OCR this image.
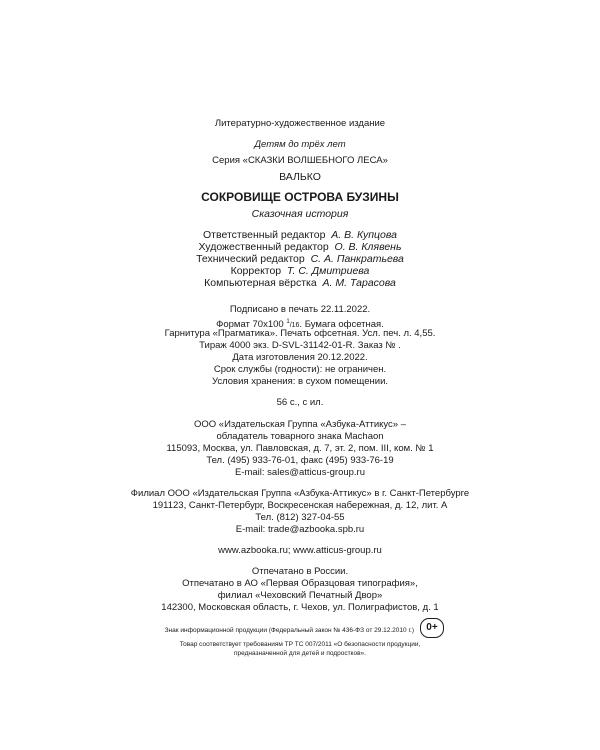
Литературно-художественное издание
Детям до трёх лет
Серия «СКАЗКИ ВОЛШЕБНОГО ЛЕСА»
ВАЛЬКО
СОКРОВИЩЕ ОСТРОВА БУЗИНЫ
Сказочная история
Ответственный редактор А. В. Купцова
Художественный редактор О. В. Клявень
Технический редактор С. А. Панкратьева
Корректор Т. С. Дмитриева
Компьютерная вёрстка А. М. Тарасова
Подписано в печать 22.11.2022.
Формат 70x100 $^1$/16. Бумага офсетная.
Гарнитура «Прагматика». Печать офсетная. Усл. печ. л. 4,55.
Тираж 4000 экз. D-SVL-31142-01-R. Заказ № .
Дата изготовления 20.12.2022.
Срок службы (годности): не ограничен.
Условия хранения: в сухом помещении.
56 с., с ил.
ООО «Издательская Группа «Азбука-Аттикус» –
обладатель товарного знака Machaon
115093, Москва, ул. Павловская, д. 7, эт. 2, пом. III, ком. № 1
Тел. (495) 933-76-01, факс (495) 933-76-19
E-mail: sales@atticus-group.ru
Филиал ООО «Издательская Группа «Азбука-Аттикус» в г. Санкт-Петербурге
191123, Санкт-Петербург, Воскресенская набережная, д. 12, лит. А
Тел. (812) 327-04-55
E-mail: trade@azbooka.spb.ru
www.azbooka.ru; www.atticus-group.ru
Отпечатано в России.
Отпечатано в АО «Первая Образцовая типография»,
филиал «Чеховский Печатный Двор»
142300, Московская область, г. Чехов, ул. Полиграфистов, д. 1
Знак информационной продукции (Федеральный закон № 436-ФЗ от 29.12.2010 г.)	0+
Товар соответствует требованиям ТР ТС 007/2011 «О безопасности продукции,
предназначенной для детей и подростков».
